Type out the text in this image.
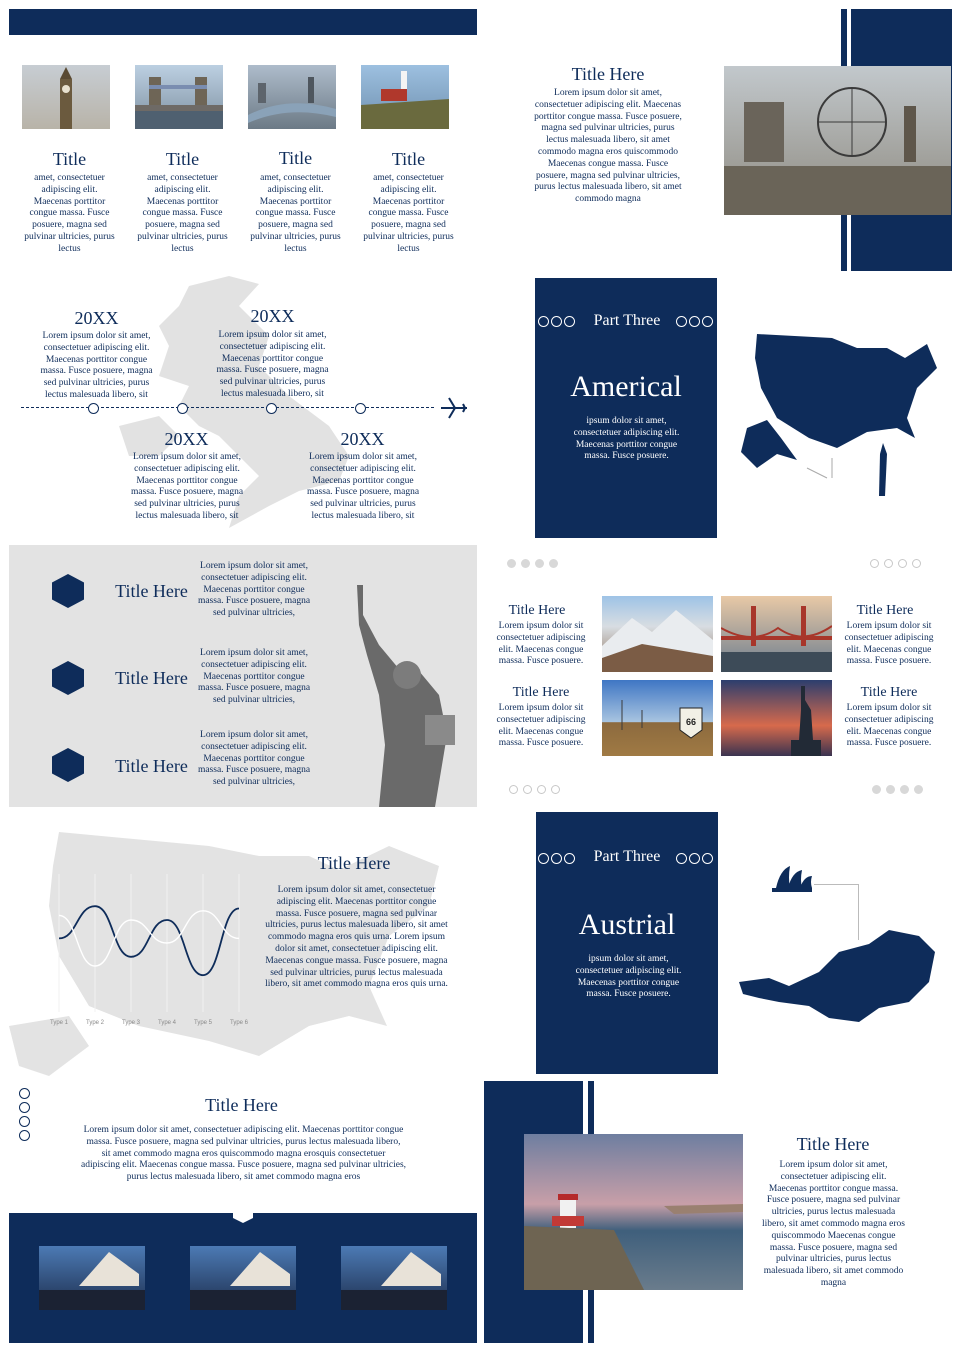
Title
amet, consectetuer adipiscing elit. Maecenas porttitor congue massa. Fusce posuere, magna sed pulvinar ultricies, purus lectus
Title
amet, consectetuer adipiscing elit. Maecenas porttitor congue massa. Fusce posuere, magna sed pulvinar ultricies, purus lectus
Title
amet, consectetuer adipiscing elit. Maecenas porttitor congue massa. Fusce posuere, magna sed pulvinar ultricies, purus lectus
Title
amet, consectetuer adipiscing elit. Maecenas porttitor congue massa. Fusce posuere, magna sed pulvinar ultricies, purus lectus
Title Here
Lorem ipsum dolor sit amet, consectetuer adipiscing elit. Maecenas porttitor congue massa. Fusce posuere, magna sed pulvinar ultricies, purus lectus malesuada libero, sit amet commodo magna eros quiscommodo Maecenas congue massa. Fusce posuere, magna sed pulvinar ultricies, purus lectus malesuada libero, sit amet commodo magna
20XX
Lorem ipsum dolor sit amet, consectetuer adipiscing elit. Maecenas porttitor congue massa. Fusce posuere, magna sed pulvinar ultricies, purus lectus malesuada libero, sit
20XX
Lorem ipsum dolor sit amet, consectetuer adipiscing elit. Maecenas porttitor congue massa. Fusce posuere, magna sed pulvinar ultricies, purus lectus malesuada libero, sit
20XX
Lorem ipsum dolor sit amet, consectetuer adipiscing elit. Maecenas porttitor congue massa. Fusce posuere, magna sed pulvinar ultricies, purus lectus malesuada libero, sit
20XX
Lorem ipsum dolor sit amet, consectetuer adipiscing elit. Maecenas porttitor congue massa. Fusce posuere, magna sed pulvinar ultricies, purus lectus malesuada libero, sit
Part Three
Americal
ipsum dolor sit amet, consectetuer adipiscing elit. Maecenas porttitor congue massa. Fusce posuere.
Title Here
Lorem ipsum dolor sit amet, consectetuer adipiscing elit. Maecenas porttitor congue massa. Fusce posuere, magna sed pulvinar ultricies,
Title Here
Lorem ipsum dolor sit amet, consectetuer adipiscing elit. Maecenas porttitor congue massa. Fusce posuere, magna sed pulvinar ultricies,
Title Here
Lorem ipsum dolor sit amet, consectetuer adipiscing elit. Maecenas porttitor congue massa. Fusce posuere, magna sed pulvinar ultricies,
Title Here
Lorem ipsum dolor sit consectetuer adipiscing elit. Maecenas congue massa. Fusce posuere.
Title Here
Lorem ipsum dolor sit consectetuer adipiscing elit. Maecenas congue massa. Fusce posuere.
Title Here
Lorem ipsum dolor sit consectetuer adipiscing elit. Maecenas congue massa. Fusce posuere.
Title Here
Lorem ipsum dolor sit consectetuer adipiscing elit. Maecenas congue massa. Fusce posuere.
66
Type 1	Type 2	Type 3	Type 4	Type 5	Type 6
Title Here
Lorem ipsum dolor sit amet, consectetuer adipiscing elit. Maecenas porttitor congue massa. Fusce posuere, magna sed pulvinar ultricies, purus lectus malesuada libero, sit amet commodo magna eros quis urna. Lorem ipsum dolor sit amet, consectetuer adipiscing elit. Maecenas congue massa. Fusce posuere, magna sed pulvinar ultricies, purus lectus malesuada libero, sit amet commodo magna eros quis urna.
Part Three
Austrial
ipsum dolor sit amet, consectetuer adipiscing elit. Maecenas porttitor congue massa. Fusce posuere.
Title Here
Lorem ipsum dolor sit amet, consectetuer adipiscing elit. Maecenas porttitor congue massa. Fusce posuere, magna sed pulvinar ultricies, purus lectus malesuada libero, sit amet commodo magna eros quiscommodo magna erosquis consectetuer adipiscing elit. Maecenas congue massa. Fusce posuere, magna sed pulvinar ultricies, purus lectus malesuada libero, sit amet commodo magna eros
Title Here
Lorem ipsum dolor sit amet, consectetuer adipiscing elit. Maecenas porttitor congue massa. Fusce posuere, magna sed pulvinar ultricies, purus lectus malesuada libero, sit amet commodo magna eros quiscommodo Maecenas congue massa. Fusce posuere, magna sed pulvinar ultricies, purus lectus malesuada libero, sit amet commodo magna
